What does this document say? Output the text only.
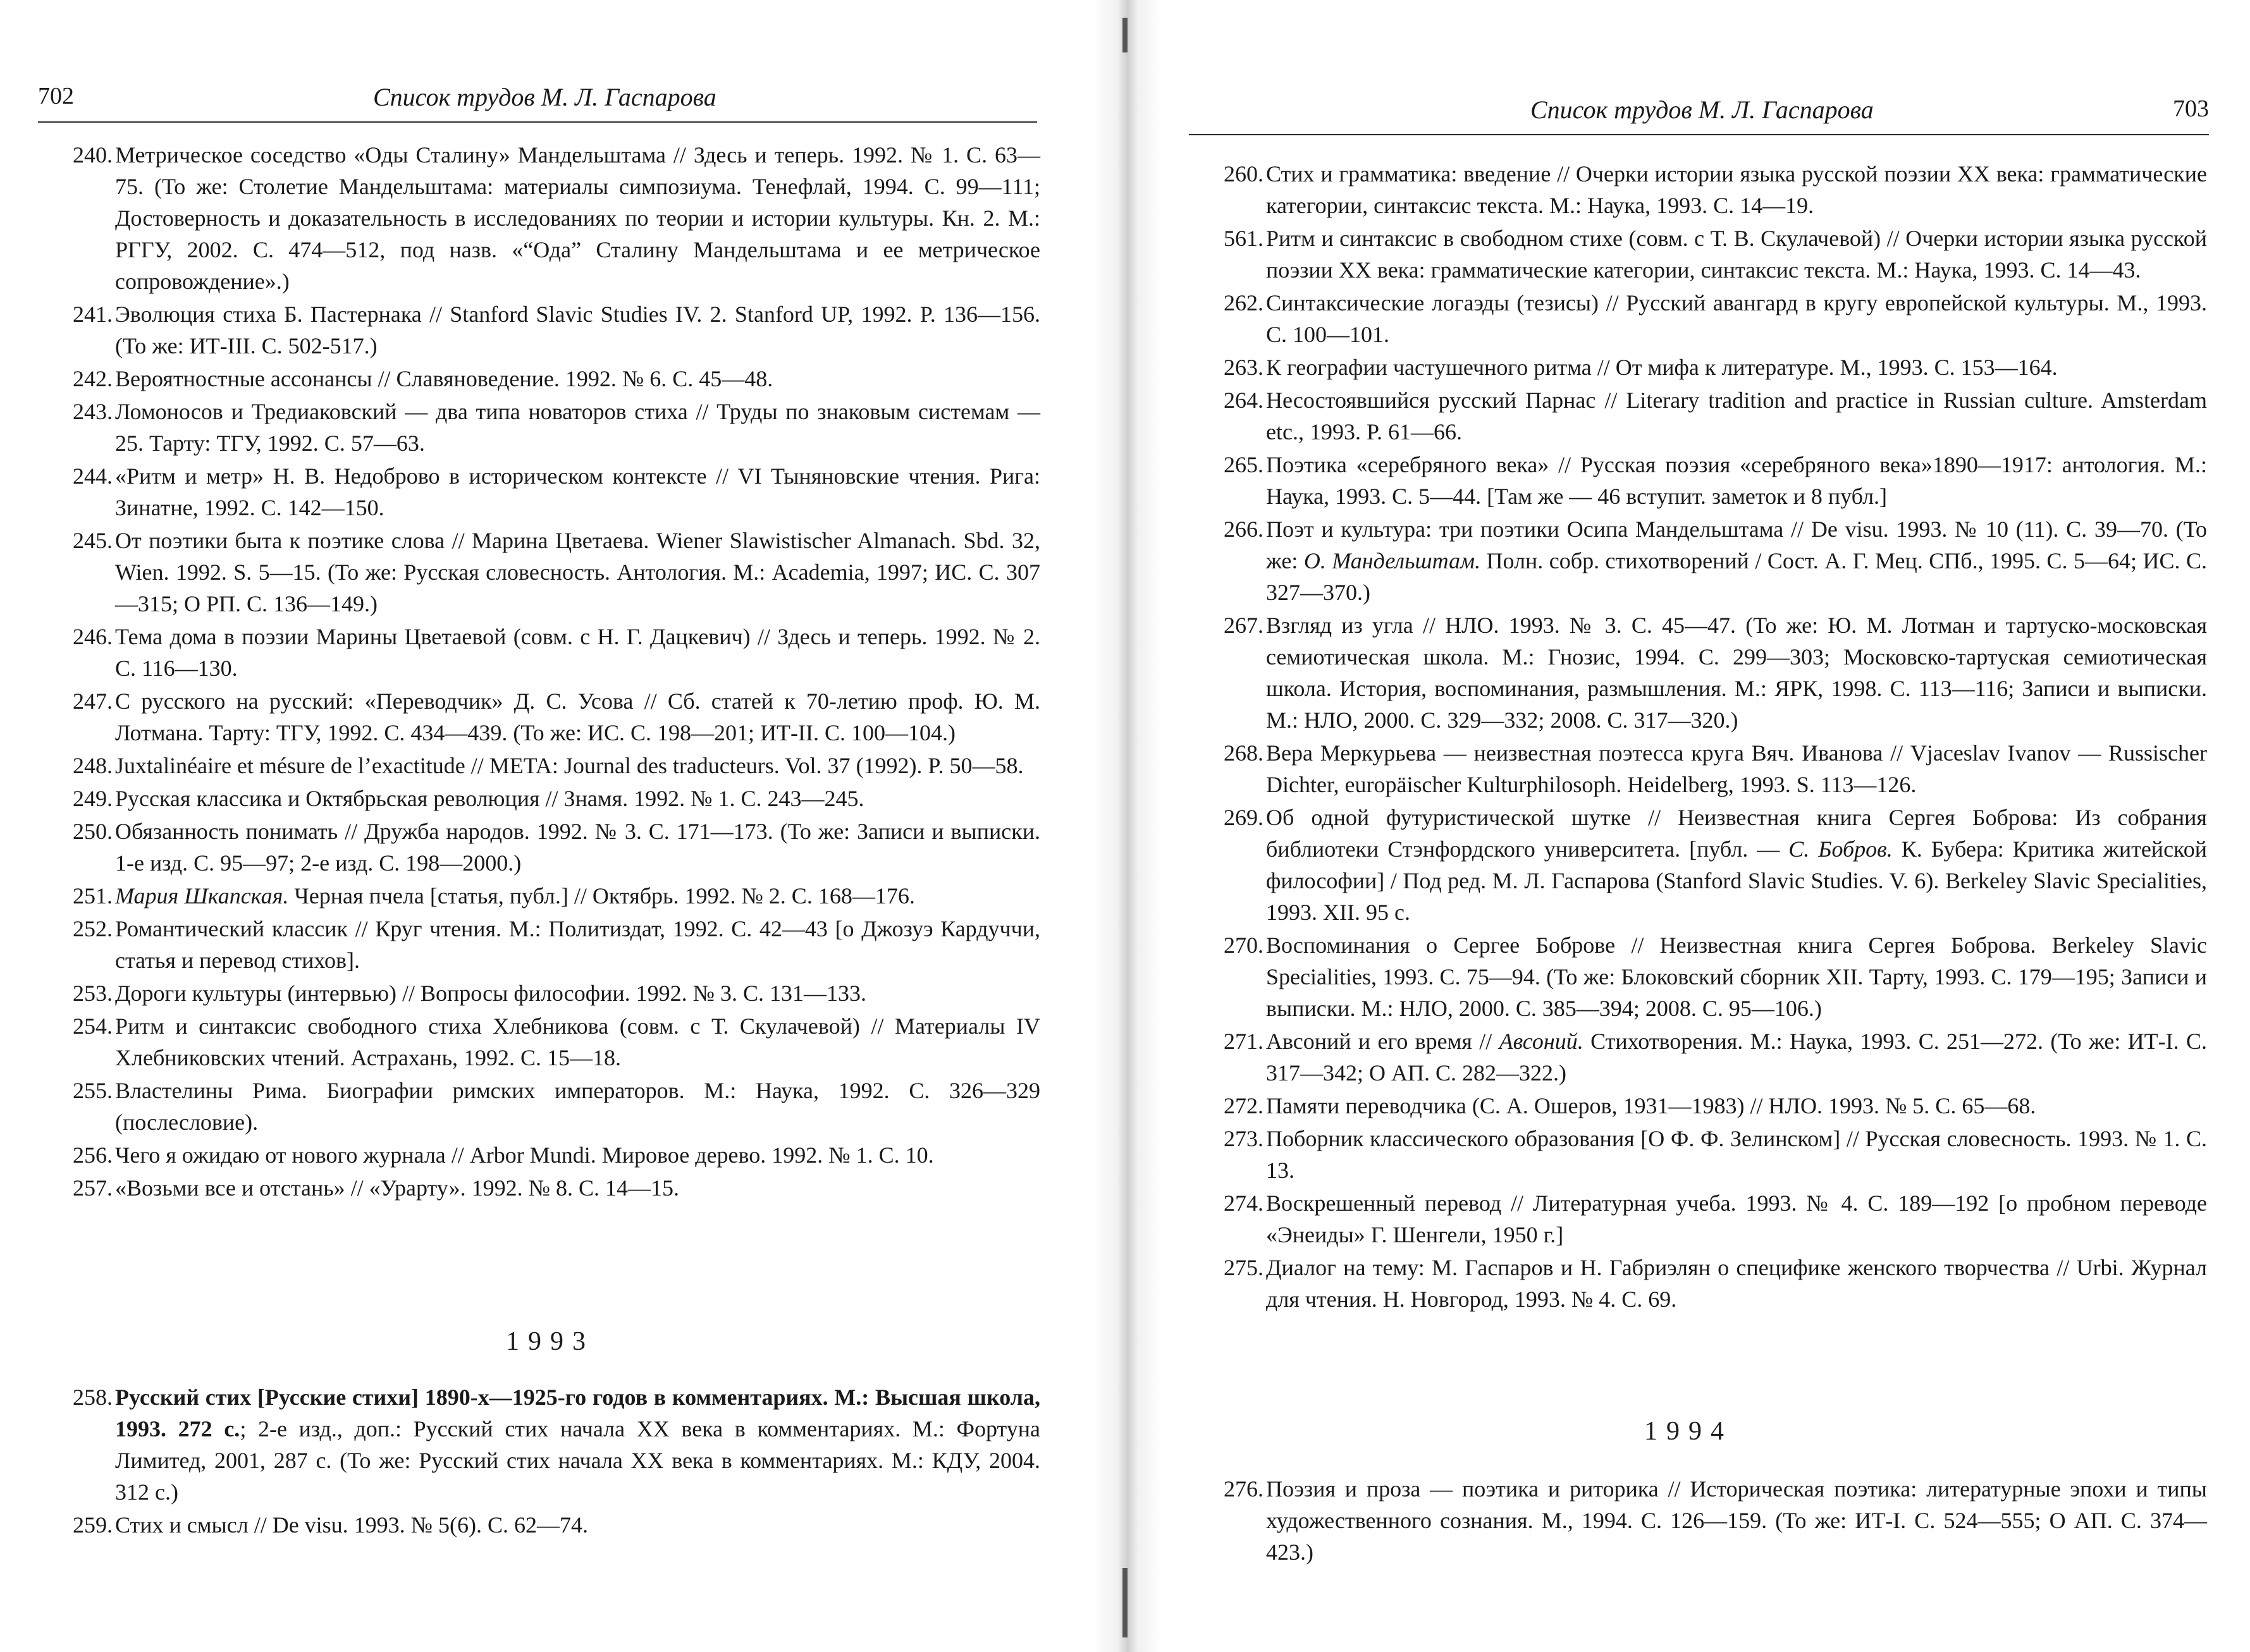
702	Список трудов М. Л. Гаспарова
240. Метрическое соседство «Оды Сталину» Мандельштама // Здесь и теперь. 1992. № 1. С. 63—75. (То же: Столетие Мандельштама: материалы симпозиума. Тенефлай, 1994. С. 99—111; Достоверность и доказательность в исследованиях по теории и истории культуры. Кн. 2. М.: РГГУ, 2002. С. 474—512, под назв. «“Ода” Сталину Мандельштама и ее метрическое сопровождение».)
241. Эволюция стиха Б. Пастернака // Stanford Slavic Studies IV. 2. Stanford UP, 1992. P. 136—156. (То же: ИТ-III. С. 502-517.)
242. Вероятностные ассонансы // Славяноведение. 1992. № 6. С. 45—48.
243. Ломоносов и Тредиаковский — два типа новаторов стиха // Труды по знаковым системам — 25. Тарту: ТГУ, 1992. С. 57—63.
244. «Ритм и метр» Н. В. Недоброво в историческом контексте // VI Тыняновские чтения. Рига: Зинатне, 1992. С. 142—150.
245. От поэтики быта к поэтике слова // Марина Цветаева. Wiener Slawistischer Almanach. Sbd. 32, Wien. 1992. S. 5—15. (То же: Русская словесность. Антология. М.: Academia, 1997; ИС. С. 307—315; О РП. С. 136—149.)
246. Тема дома в поэзии Марины Цветаевой (совм. с Н. Г. Дацкевич) // Здесь и теперь. 1992. № 2. С. 116—130.
247. С русского на русский: «Переводчик» Д. С. Усова // Сб. статей к 70-летию проф. Ю. М. Лотмана. Тарту: ТГУ, 1992. С. 434—439. (То же: ИС. С. 198—201; ИТ-II. С. 100—104.)
248. Juxtalinéaire et mésure de l’exactitude // META: Journal des traducteurs. Vol. 37 (1992). P. 50—58.
249. Русская классика и Октябрьская революция // Знамя. 1992. № 1. С. 243—245.
250. Обязанность понимать // Дружба народов. 1992. № 3. С. 171—173. (То же: Записи и выписки. 1-е изд. С. 95—97; 2-е изд. С. 198—2000.)
251. Мария Шкапская. Черная пчела [статья, публ.] // Октябрь. 1992. № 2. С. 168—176.
252. Романтический классик // Круг чтения. М.: Политиздат, 1992. С. 42—43 [о Джозуэ Кардуччи, статья и перевод стихов].
253. Дороги культуры (интервью) // Вопросы философии. 1992. № 3. С. 131—133.
254. Ритм и синтаксис свободного стиха Хлебникова (совм. с Т. Скулачевой) // Материалы IV Хлебниковских чтений. Астрахань, 1992. С. 15—18.
255. Властелины Рима. Биографии римских императоров. М.: Наука, 1992. С. 326—329 (послесловие).
256. Чего я ожидаю от нового журнала // Arbor Mundi. Мировое дерево. 1992. № 1. С. 10.
257. «Возьми все и отстань» // «Урарту». 1992. № 8. С. 14—15.
1993
258. Русский стих [Русские стихи] 1890-х—1925-го годов в комментариях. М.: Высшая школа, 1993. 272 с.; 2-е изд., доп.: Русский стих начала XX века в комментариях. М.: Фортуна Лимитед, 2001, 287 с. (То же: Русский стих начала XX века в комментариях. М.: КДУ, 2004. 312 с.)
259. Стих и смысл // De visu. 1993. № 5(6). С. 62—74.
Список трудов М. Л. Гаспарова	703
260. Стих и грамматика: введение // Очерки истории языка русской поэзии XX века: грамматические категории, синтаксис текста. М.: Наука, 1993. С. 14—19.
561. Ритм и синтаксис в свободном стихе (совм. с Т. В. Скулачевой) // Очерки истории языка русской поэзии XX века: грамматические категории, синтаксис текста. М.: Наука, 1993. С. 14—43.
262. Синтаксические логаэды (тезисы) // Русский авангард в кругу европейской культуры. М., 1993. С. 100—101.
263. К географии частушечного ритма // От мифа к литературе. М., 1993. С. 153—164.
264. Несостоявшийся русский Парнас // Literary tradition and practice in Russian culture. Amsterdam etc., 1993. P. 61—66.
265. Поэтика «серебряного века» // Русская поэзия «серебряного века»1890—1917: антология. М.: Наука, 1993. С. 5—44. [Там же — 46 вступит. заметок и 8 публ.]
266. Поэт и культура: три поэтики Осипа Мандельштама // De visu. 1993. № 10 (11). С. 39—70. (То же: О. Мандельштам. Полн. собр. стихотворений / Сост. А. Г. Мец. СПб., 1995. С. 5—64; ИС. С. 327—370.)
267. Взгляд из угла // НЛО. 1993. № 3. С. 45—47. (То же: Ю. М. Лотман и тартуско-московская семиотическая школа. М.: Гнозис, 1994. С. 299—303; Московско-тартуская семиотическая школа. История, воспоминания, размышления. М.: ЯРК, 1998. С. 113—116; Записи и выписки. М.: НЛО, 2000. С. 329—332; 2008. С. 317—320.)
268. Вера Меркурьева — неизвестная поэтесса круга Вяч. Иванова // Vjaceslav Ivanov — Russischer Dichter, europäischer Kulturphilosoph. Heidelberg, 1993. S. 113—126.
269. Об одной футуристической шутке // Неизвестная книга Сергея Боброва: Из собрания библиотеки Стэнфордского университета. [публ. — С. Бобров. К. Бубера: Критика житейской философии] / Под ред. М. Л. Гаспарова (Stanford Slavic Studies. V. 6). Berkeley Slavic Specialities, 1993. XII. 95 с.
270. Воспоминания о Сергее Боброве // Неизвестная книга Сергея Боброва. Berkeley Slavic Specialities, 1993. С. 75—94. (То же: Блоковский сборник XII. Тарту, 1993. С. 179—195; Записи и выписки. М.: НЛО, 2000. С. 385—394; 2008. С. 95—106.)
271. Авсоний и его время // Авсоний. Стихотворения. М.: Наука, 1993. С. 251—272. (То же: ИТ-I. С. 317—342; О АП. С. 282—322.)
272. Памяти переводчика (С. А. Ошеров, 1931—1983) // НЛО. 1993. № 5. С. 65—68.
273. Поборник классического образования [О Ф. Ф. Зелинском] // Русская словесность. 1993. № 1. С. 13.
274. Воскрешенный перевод // Литературная учеба. 1993. № 4. С. 189—192 [о пробном переводе «Энеиды» Г. Шенгели, 1950 г.]
275. Диалог на тему: М. Гаспаров и Н. Габриэлян о специфике женского творчества // Urbi. Журнал для чтения. Н. Новгород, 1993. № 4. С. 69.
1994
276. Поэзия и проза — поэтика и риторика // Историческая поэтика: литературные эпохи и типы художественного сознания. М., 1994. С. 126—159. (То же: ИТ-I. С. 524—555; О АП. С. 374—423.)
